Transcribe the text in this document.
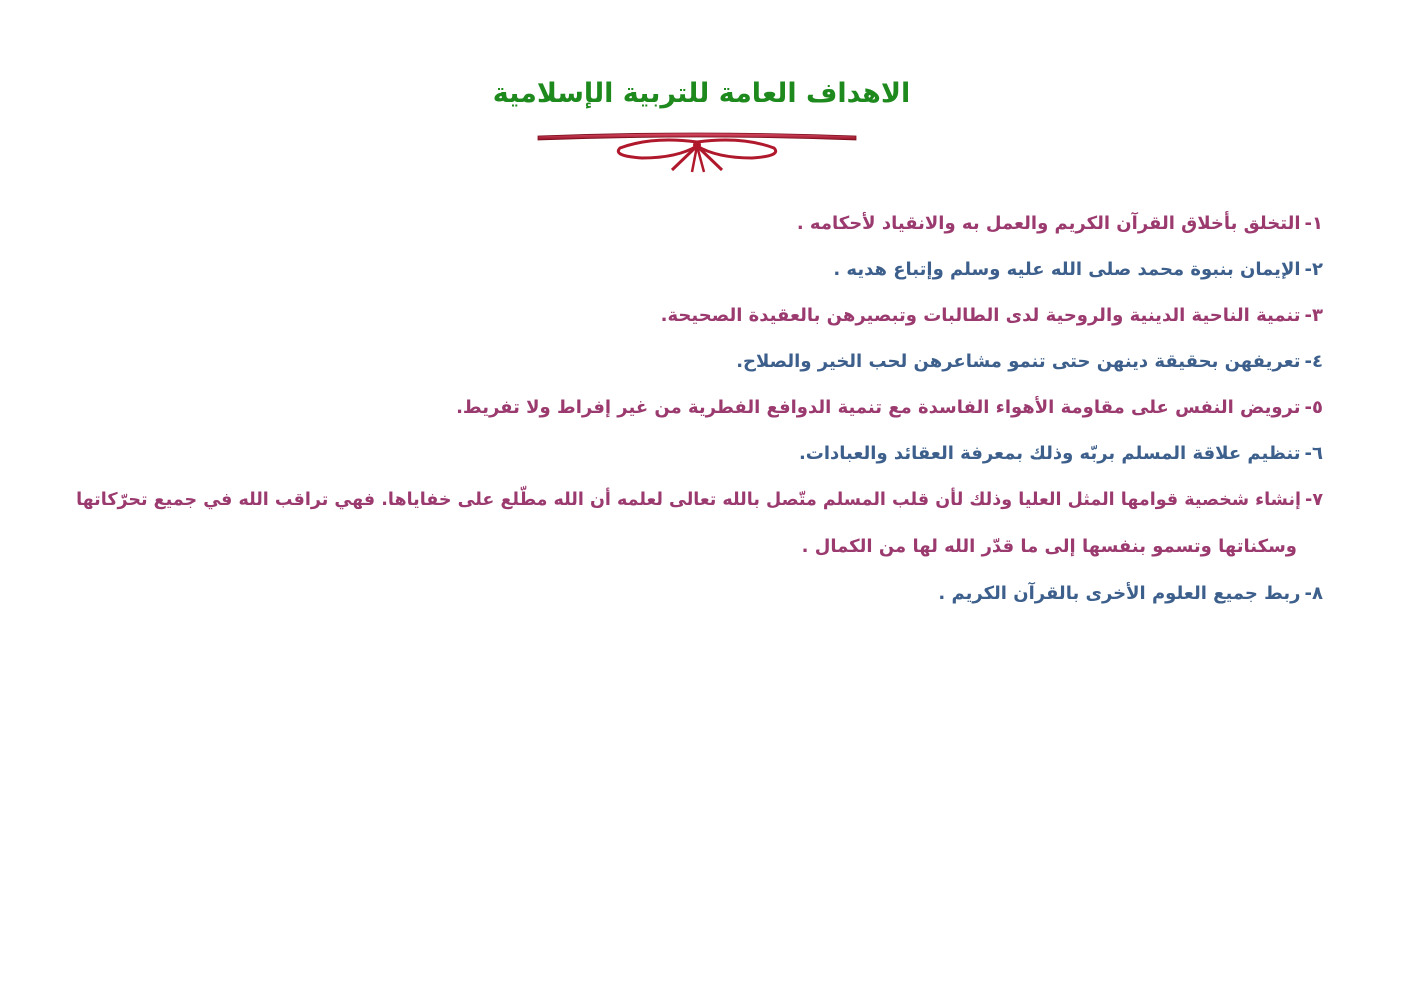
الاهداف العامة للتربية الإسلامية
١-التخلق بأخلاق القرآن الكريم والعمل به والانقياد لأحكامه .
٢-الإيمان بنبوة محمد صلى الله عليه وسلم وإتباع هديه .
٣-تنمية الناحية الدينية والروحية لدى الطالبات وتبصيرهن بالعقيدة الصحيحة.
٤-تعريفهن بحقيقة دينهن حتى تنمو مشاعرهن لحب الخير والصلاح.
٥-ترويض النفس على مقاومة الأهواء الفاسدة مع تنمية الدوافع الفطرية من غير إفراط ولا تفريط.
٦-تنظيم علاقة المسلم بربّه وذلك بمعرفة العقائد والعبادات.
٧-إنشاء شخصية قوامها المثل العليا وذلك لأن قلب المسلم متّصل بالله تعالى لعلمه أن الله مطّلع على خفاياها. فهي تراقب الله في جميع تحرّكاتها
وسكناتها وتسمو بنفسها إلى ما قدّر الله لها من الكمال .
٨-ربط جميع العلوم الأخرى بالقرآن الكريم .
